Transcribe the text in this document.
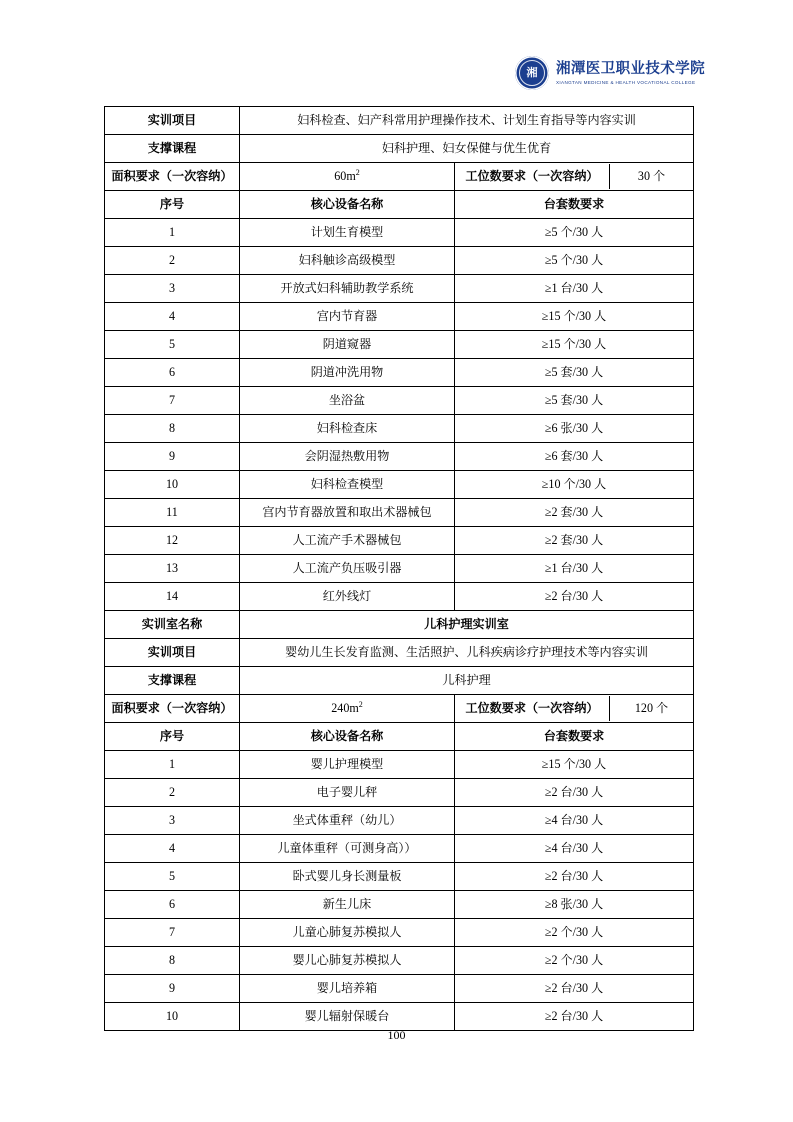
湘 湘潭医卫职业技术学院
XIANGTAN MEDICINE & HEALTH VOCATIONAL COLLEGE
实训项目	妇科检查、妇产科常用护理操作技术、计划生育指导等内容实训
支撑课程	妇科护理、妇女保健与优生优育
面积要求（一次容纳）	$60m^2$		工位数要求（一次容纳）	30 个

序号	核心设备名称	台套数要求
1	计划生育模型	≥5 个/30 人
2	妇科触诊高级模型	≥5 个/30 人
3	开放式妇科辅助教学系统	≥1 台/30 人
4	宫内节育器	≥15 个/30 人
5	阴道窥器	≥15 个/30 人
6	阴道冲洗用物	≥5 套/30 人
7	坐浴盆	≥5 套/30 人
8	妇科检查床	≥6 张/30 人
9	会阴湿热敷用物	≥6 套/30 人
10	妇科检查模型	≥10 个/30 人
11	宫内节育器放置和取出术器械包	≥2 套/30 人
12	人工流产手术器械包	≥2 套/30 人
13	人工流产负压吸引器	≥1 台/30 人
14	红外线灯	≥2 台/30 人
实训室名称	儿科护理实训室
实训项目	婴幼儿生长发育监测、生活照护、儿科疾病诊疗护理技术等内容实训
支撑课程	儿科护理
面积要求（一次容纳）	$240m^2$		工位数要求（一次容纳）	120 个

序号	核心设备名称	台套数要求
1	婴儿护理模型	≥15 个/30 人
2	电子婴儿秤	≥2 台/30 人
3	坐式体重秤（幼儿）	≥4 台/30 人
4	儿童体重秤（可测身高））	≥4 台/30 人
5	卧式婴儿身长测量板	≥2 台/30 人
6	新生儿床	≥8 张/30 人
7	儿童心肺复苏模拟人	≥2 个/30 人
8	婴儿心肺复苏模拟人	≥2 个/30 人
9	婴儿培养箱	≥2 台/30 人
10	婴儿辐射保暖台	≥2 台/30 人
100
